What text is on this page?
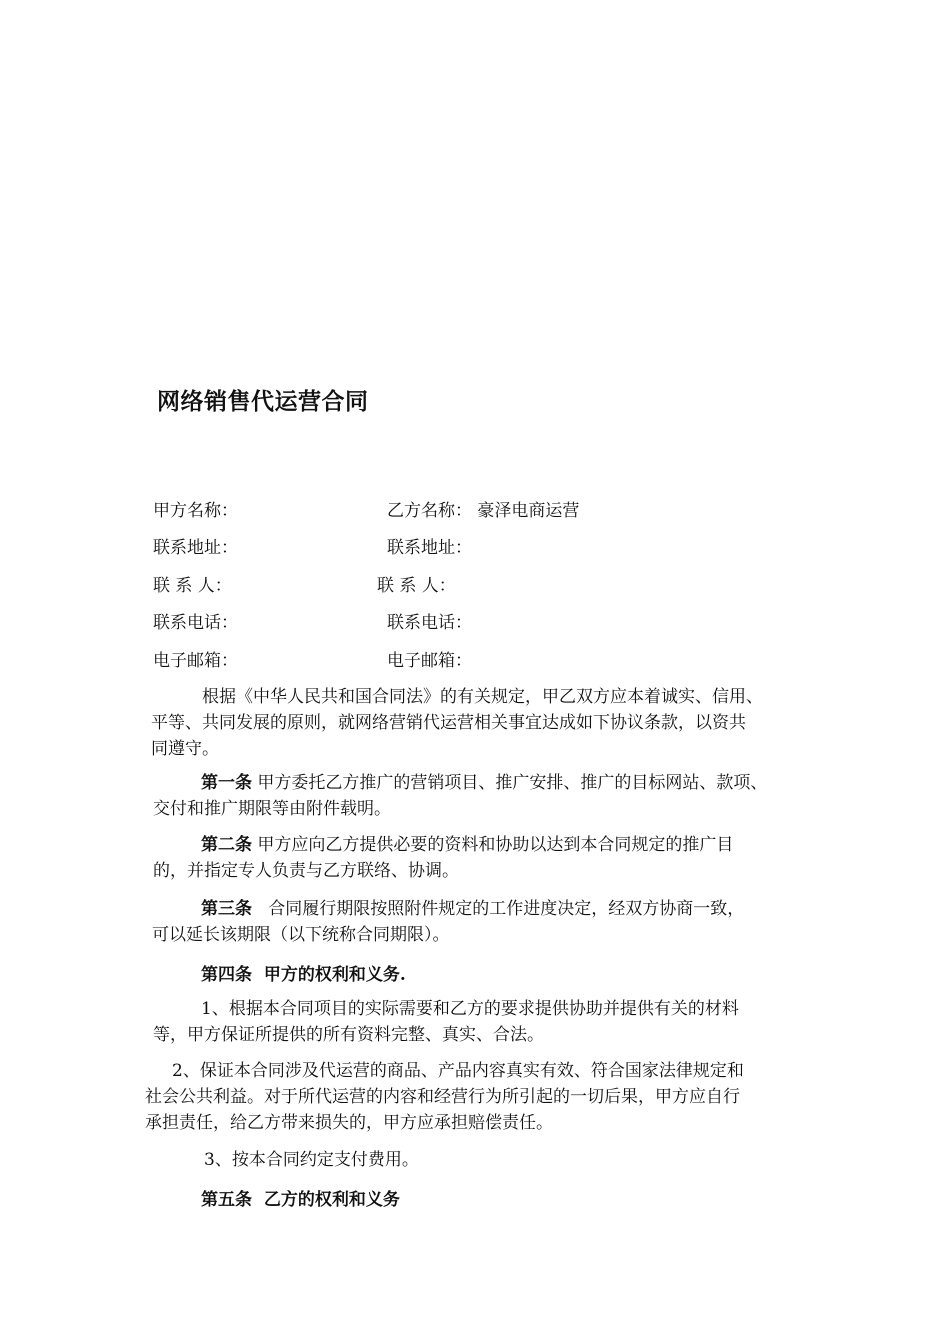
网络销售代运营合同
甲方名称：
联系地址：
联 系 人：
联系电话：
电子邮箱：
乙方名称： 豪泽电商运营
联系地址：
联 系 人：
联系电话：
电子邮箱：

根据《中华人民共和国合同法》的有关规定，甲乙双方应本着诚实、信用、

平等、共同发展的原则，就网络营销代运营相关事宜达成如下协议条款，以资共

同遵守。

第一条 甲方委托乙方推广的营销项目、推广安排、推广的目标网站、款项、

交付和推广期限等由附件载明。

第二条 甲方应向乙方提供必要的资料和协助以达到本合同规定的推广目

的，并指定专人负责与乙方联络、协调。

第三条   合同履行期限按照附件规定的工作进度决定，经双方协商一致，

可以延长该期限（以下统称合同期限）。

第四条  甲方的权利和义务.

1、根据本合同项目的实际需要和乙方的要求提供协助并提供有关的材料

等，甲方保证所提供的所有资料完整、真实、合法。

2、保证本合同涉及代运营的商品、产品内容真实有效、符合国家法律规定和

社会公共利益。对于所代运营的内容和经营行为所引起的一切后果，甲方应自行

承担责任，给乙方带来损失的，甲方应承担赔偿责任。

3、按本合同约定支付费用。

第五条  乙方的权利和义务
